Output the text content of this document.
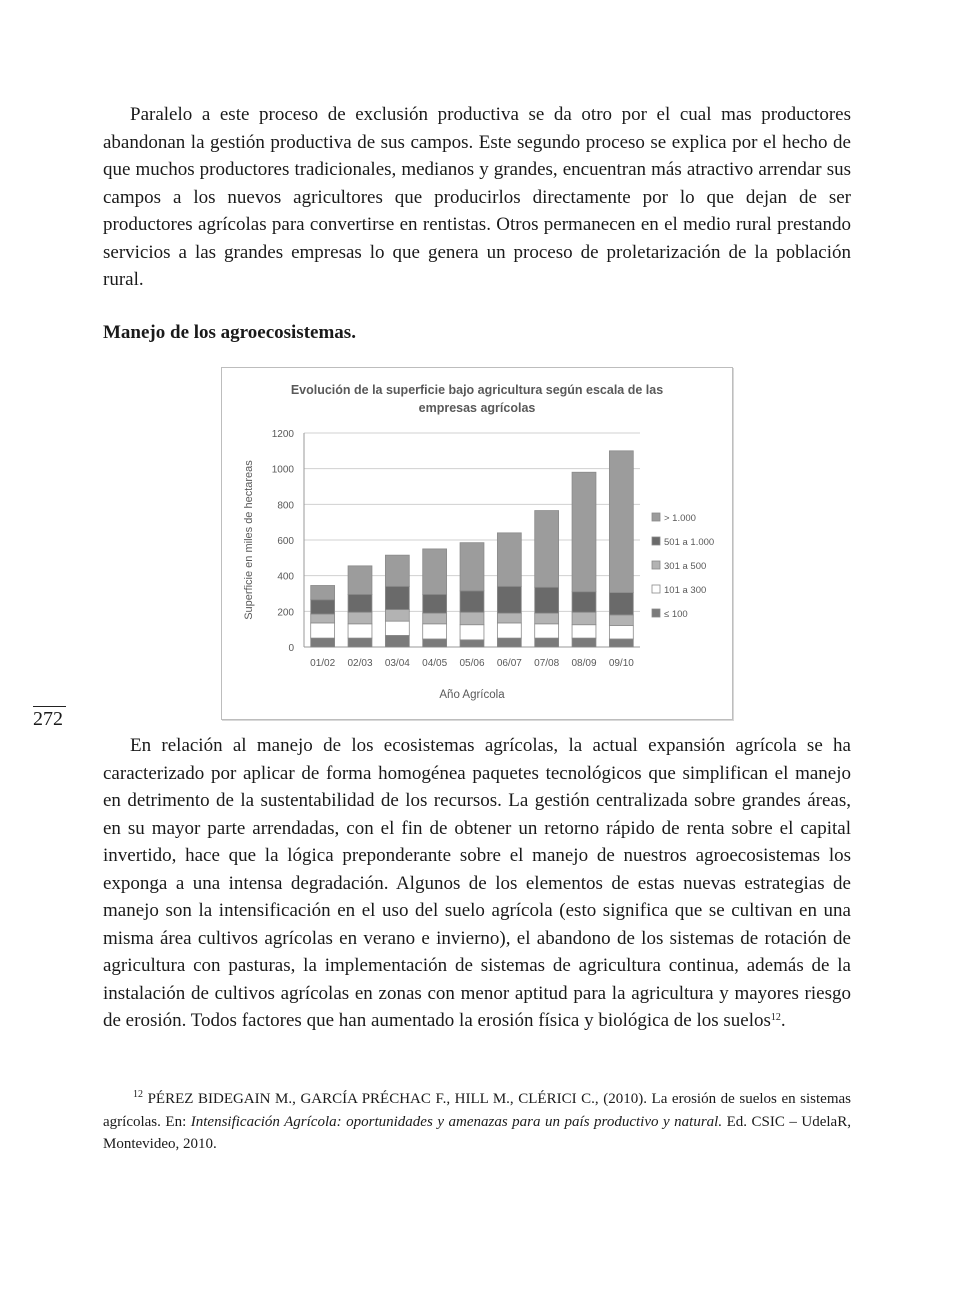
Paralelo a este proceso de exclusión productiva se da otro por el cual mas productores abandonan la gestión productiva de sus campos. Este segundo proceso se explica por el hecho de que muchos productores tradicionales, medianos y grandes, encuentran más atractivo arrendar sus campos a los nuevos agricultores que producirlos directamente por lo que dejan de ser productores agrícolas para convertirse en rentistas. Otros permanecen en el medio rural prestando servicios a las grandes empresas lo que genera un proceso de proletarización de la población rural.

Manejo de los agroecosistemas.
Evolución de la superficie bajo agricultura según escala de las
empresas agrícolas
01/02 02/03 03/04 04/05 05/06 06/07 07/08 08/09 09/10
0
200
400
600
800
1000
1200
Superficie en miles de hectareas
Año Agrícola
> 1.000
501 a 1.000
301 a 500
101 a 300
≤ 100
272

En relación al manejo de los ecosistemas agrícolas, la actual expansión agrícola se ha caracterizado por aplicar de forma homogénea paquetes tecnológicos que simplifican el manejo en detrimento de la sustentabilidad de los recursos. La gestión centralizada sobre grandes áreas, en su mayor parte arrendadas, con el fin de obtener un retorno rápido de renta sobre el capital invertido, hace que la lógica preponderante sobre el manejo de nuestros agroecosistemas los exponga a una intensa degradación. Algunos de los elementos de estas nuevas estrategias de manejo son la intensificación en el uso del suelo agrícola (esto significa que se cultivan en una misma área cultivos agrícolas en verano e invierno), el abandono de los sistemas de rotación de agricultura con pasturas, la implementación de sistemas de agricultura continua, además de la instalación de cultivos agrícolas en zonas con menor aptitud para la agricultura y mayores riesgo de erosión. Todos factores que han aumentado la erosión física y biológica de los suelos$^{12}$.

$^{12}$ PÉREZ BIDEGAIN M., GARCÍA PRÉCHAC F., HILL M., CLÉRICI C., (2010). La erosión de suelos en sistemas agrícolas. En: Intensificación Agrícola: oportunidades y amenazas para un país productivo y natural. Ed. CSIC – UdelaR, Montevideo, 2010.
